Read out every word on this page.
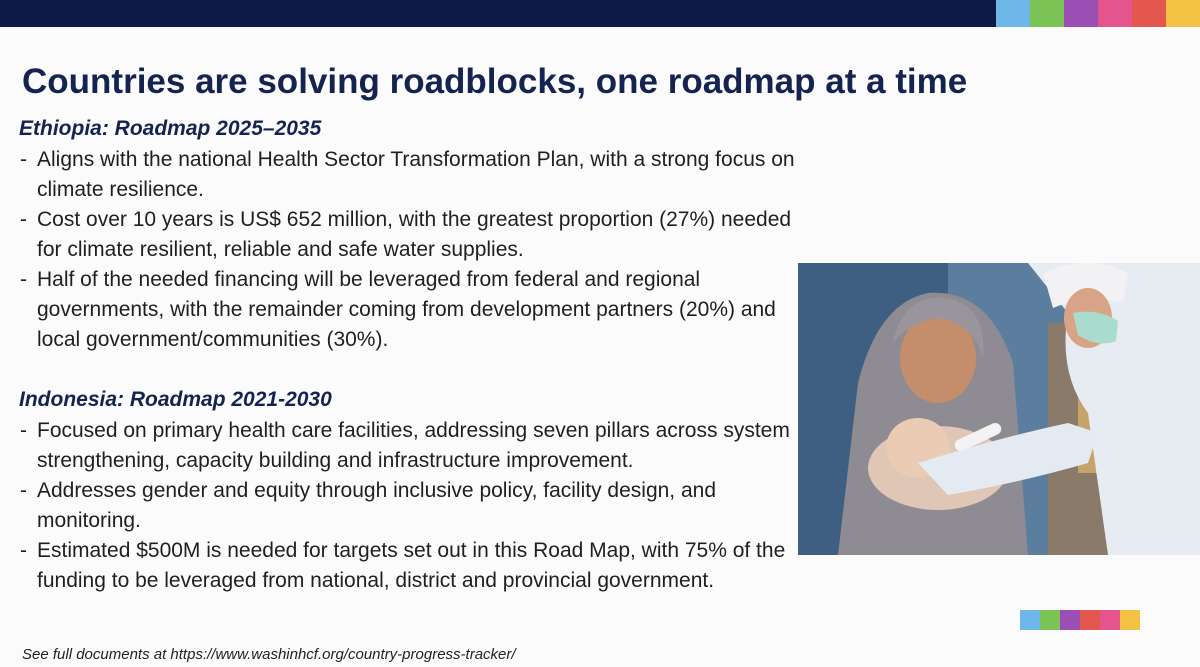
Countries are solving roadblocks, one roadmap at a time
Ethiopia: Roadmap 2025–2035
- Aligns with the national Health Sector Transformation Plan, with a strong focus on climate resilience.
- Cost over 10 years is US$ 652 million, with the greatest proportion (27%) needed for climate resilient, reliable and safe water supplies.
- Half of the needed financing will be leveraged from federal and regional governments, with the remainder coming from development partners (20%) and local government/communities (30%).
Indonesia: Roadmap 2021-2030
- Focused on primary health care facilities, addressing seven pillars across system strengthening, capacity building and infrastructure improvement.
- Addresses gender and equity through inclusive policy, facility design, and monitoring.
- Estimated $500M is needed for targets set out in this Road Map, with 75% of the funding to be leveraged from national, district and provincial government.

See full documents at https://www.washinhcf.org/country-progress-tracker/
